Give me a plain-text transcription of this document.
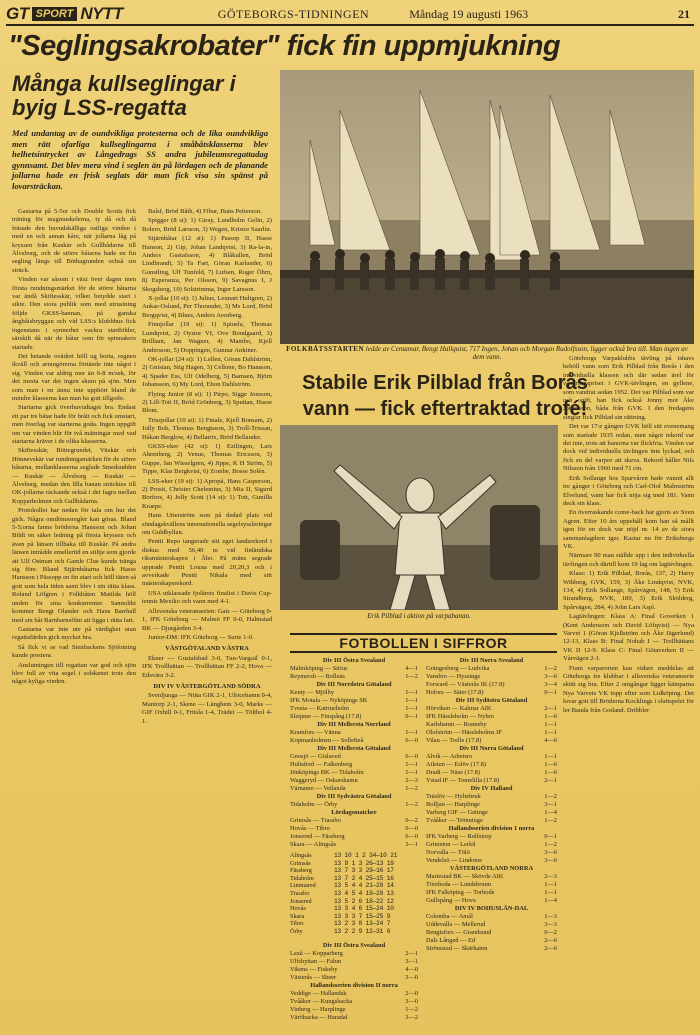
GT SPORT NYTT	GÖTEBORGS-TIDNINGEN	Måndag 19 augusti 1963	21
"Seglingsakrobater" fick fin uppmjukning
Många kullseglingar i byig LSS-regatta
Med undantag av de oundvikliga protesterna och de lika oundvikliga men rätt ofarliga kullseglingarna i småbåtsklasserna blev helhetsintrycket av Långedrags SS andra jubileumsregattadag gynnsamt. Det blev mera vind i seglen än på lördagen och de planande jollarna hade en frisk seglats där man fick visa sin spänst på lovarsträckan.

Gastarna på 5-5or och Double Scotts fick träning för magmuskelerna, ty då och då fräsade den huvudskälliga ostliga vinden i med en och annan kåre, när jollarna låg på kryssen från Kuskär och Gullbådarna till Älvsborg, och de större båtarna hade en fin segling längs till Böthagrunden ochså sin sträck.

Vinden var såsom i växt över dagen men första rundningsmärket för de större båtarna var ändå Skiftesskär, vilket betydde start i sikte. Den stora publik som med utrustning följde GKSS-bannan, på ganska ångbåtsbryggan och vid LSS:s klubbhus fick ingenstans i synnerhet vackra startbilder, särskilt då när de båtar som för spinnakers startade.

Det hetande ovädret höll ug borta, regnen ikväll och arrangörerna förtände inte något i sig. Vinden var aldrig mer än 6-8 m/sek, för det mesta var det ingen skum på sjön. Men som man i en ännu inte upphört bland de mindre klasserna kan man ha gott tillgodo.

Startarna gick överhuvudtaget bra. Endast ett par tre båtar hade för brått och fick omstart, men överlag var starterna goda. Ingen uppgift om var vinden blir för två mätningar med vad startarna kräver i de olika klasserna.

Skiftesskär, Böttegrundet, Vitskär och Hönnevskär var rundningsmärken för de större båtarna, mellanklasserna seglade Smedsudden — Kuskär — Älvsborg — Kuskär — Älvsborg, medan den lilla banan sträcktes till OK-jollarna räckande också i det fagra mellan Kopparholmen och Gullbådarna.

Protokollet har nedan för tala om hur det gick. Några omdömesregler kan göras. Bland 5-5:orna fanns bröderna Hansson och Johan Bildt en säker ledning på första kryssen och även på länsen tillbaka till Kuskär. På andra länsen intrådde emellertid en stiltje som gjorde att Ulf Ostman och Gamle Clue kunde tränga sig före. Bland Stjärnbåtarna fick Hasse Hansson i Pässopp en fin start och höll täten så gott som hela tiden samt blev i sin rätta klass. Roland Löfgren i Folkbåten Matilda höll unden för sina konkurrenter. Sannolikt kommer Bengt Olander och Hans Barrhall med sin båt Barnbarnsfilm att ligga i rätta fart.

Gastarna var inte ute på värdighet utan regattafärden gick mycket bra.

Så fick vi se vad Stenbackens Sjöfotning kunde prestera.

Anslutningen till regattan var god och sjön blev full av vita segel i solskenet trots den något kyliga vinden.

Balsf, Bröd Båth, 4) Fibur, Hans Petterson.

Spigger (8 st): 1) Giray, Lundholm Gelin, 2) Bolero, Bröd Larsson, 3) Wegen, Kristor Saarlin.

Stjärnbåtar (12 st): 1) Passop II, Hasse Hanson, 2) Gip, Johan Landqvist, 3) Ra-la-in, Anders Gustafsson, 4) Blåkullen, Bröd Lindbrandt, 5) Ta Fart, Göran Karlander, 6) Gunstling, Ulf Tunfeld, 7) Lufsen, Roger Öhrn, 8) Esperanza, Per Olsson, 9) Savagnus I, J Skogsberg, 10) Solstrimma, Inger Larsson.

X-jollar (10 st): 1) Julius, Lennart Hultgren, 2) Ankar-Oslund, Per Thorander, 3) Ms Lord, Bröd Bergqvist, 4) Blues, Anders Arenberg.

Finnjollar (19 st): 1) Spiuela, Thomas Lundqvist, 2) Oystor VI, Ove Bondgaard, 3) Brilliant, Jan Wagner, 4) Mambo, Kjell Andersson, 5) Doppingen, Gunnar Ankiner.

OK-jollar (24 st): 1) Lellen, Göran Dahlström, 2) Gnistan, Stig Hagen, 3) Cellone, Bo Hansson, 4) Spader Ess, Ulf Odelberg, 5) Bamsen, Björn Johansson, 6) My Lord, Ebon Dahlström.

Flying Junior (8 st): 1) Pirpo, Sigge Jonsson, 2) Lill-Tott II, Bröd Grönberg, 3) Sputtan, Hasse Blom.

Trissjollar (10 st): 1) Finale, Kjell Bonsam, 2) Jolly Bob, Thomas Bengtsson, 3) Troll-Trissan, Håkan Berglow, 4) Bellatrix, Bröd Bellander.

GKSS-eker (42 st): 1) Ezilingen, Lars Ahrenberg, 2) Venus, Thomas Ericsson, 3) Guppe, Jan Wieselgren, 4) Jippe, K H Ström, 5) Tippe, Klas Bergkvist, 6) Zombe, Bosse Solén.

LSS-eker (19 st): 1) Apropå, Hans Casperson, 2) Prosit, Christer Chelemius, 3) Mia II, Sigurd Borfors, 4) Jolly Scott (14 st): 1) Tott, Gunilla Kraepe.

Hans Utterström som på dedad plats vid söndagskvällens internationella segelsyssleringar om Guldbyllan.

Pentti Repo tangerade sitt eget landsrekord i diskus med 56,40 m vid finländska riksmästerskapen i Åbo. På mäns segrade upprade Pentti Louna med 20,20,3 och i avverkade Pentti Nikula med sitt mästerskapsrekord.

USA utklassade fjolårets finalist i Davis Cup-tennis Mexiko och vann med 4-1.

Allsvenska veteranserien: Gais — Göteborg 0-1, IFK Göteborg — Malmö FF 0-0, Halmstad BK — Djurgården 3-4.

Junior-DM: IFK Göteborg — Surte 1-0.

VÄSTGÖTALAND VÄSTRA

Ekner — Gustafsbad 3-0, Tun-Vargsäl 0-1, IFK Trollhättan — Trollhättan FF 2-2, Hova — Edsvära 3-2.

DIV IV VÄSTERGÖTLAND SÖDRA

Svenljunga — Nitta GIK 2-1, Ulricehamn 0-4, Mantorp 2-1, Skene — Länghem 3-0, Marks — GIF Oxhill 0-1, Fritsla 1-4, Trädet — Tölthol 4-1.

FOLKBÅTSSTARTEN ledde av Centamar, Bengt Hallquist, 717 Ingen, Johan och Morgan Rudolfsson, ligger också bra till. Man ingen av dem vann.
Stabile Erik Pilblad från Borås vann — fick eftertraktad trofé!

Göteborgs Varpaklubbs tävling på ishavs behöll vann som Erik Pilblad från Borås i den individuella klassen och där sedan ärel för vandringspriset i GVK-tävlingen, en gyllene, som vandrat sedan 1952. Det var Pilblad som var och ogift, han fick också Jonny mot Åke Johansson, båda från GVK. I den fredagens singlar fick Pilblad sin rättning.

Det var 17:e gången GVK höll sitt evenemang som startade 1935 redan, men något rekord var det inte, trots att banorna var flickfria. Vinden var dock vid individuella tävlingen inte lyckad, och fick en del varpor att skeva. Rekord håller Nils Nilsson från 1960 med 71 cm.

Erik Sollange hos Sparvåren hade vunnit allt tre gånger i Göteborg och Carl-Olof Malmström Elvelund, vann har fick nöja sig med 181. Vann deck sin klass.

En överraskande come-back har gjorts av Sven Agren. Efter 10 års uppehåll kom han så mållt igen för en dock var nöjd nr. 14 av de stora sammanlagdern iger. Kastar nu för Eriksbergs VK.

Närmare 90 man ställde upp i den individuella tävlingen och därtill kom 19 lag om lagtävlingen.

Klass: 1) Erik Pilblad, Borås, 137, 2) Harry Wihberg, GVK, 159, 3) Åke Lindqvist, NVK, 134, 4) Erik Sollange, Spårvägen, 148, 5) Erik Strandberg, NVK, 189, 3) Erik Skölderg, Spårvägen, 284, 4) John Lars Aspl.

Lagtävlingen: Klass A: Final Goverken 1 (Kent Andersson och David Löfqvist) — Nya Varvet 1 (Göran Kjellström och Åke Jägerlund) 12-13, Klass B: Final Nohab I — Trollhättans VK II 12-9. Klass C: Final Götaverken II — Vårvägen 2-1.

Fram varparorten kan vidare meddelas att Göteborgs tre klubbar i allsvenska veteranserie skött sig bra. Efter 2 omgångar ligger kämparna Nya Varvets VK topp efter som Lidköping. Det lovar gott till Bröderna Kocklings i sluttspelet för ler Bauda från Gotland. Dribbler

Erik Pilblad i aktion på varpabanan.
FOTBOLLEN I SIFFROR
Div III Östra Svealand
Malmköping — Sirius	4—1
Reymersh — Bollnäs	1—2
Div III Norrdstra Götaland
Kenty — Mjölby	1—1
IFK Motala — Nyköpings SK	1—1
Tvesta — Katrineholm	1—1
Sleipner — Finspång (17.8)	0—1
Div III Mellersta Norrland
Kramfors — Vänna	1—1
Kopmanholmen — Sollefteå	6—0
Div III Mellersta Götaland
Gnosjö — Gislaved	6—0
Hultsfred — Falkenberg	1—1
Jönköpings BK — Tidaholm	1—1
Waggeryd — Oskarshamn	2—3
Värnamo — Vetlanda	1—2
Div III Sydvästra Götaland
Tidaholm — Örby	1—2
Lördagsmatcher
Grimsås — Trassbo	0—2
Hovås — Tibro	0—0
Jonsered — Fässberg	6—0
Skara — Alingsås	3—1
Alingsås	13 10 1 2 34—10 21
Grimsås	13 9 1 3 26—13 19
Fässberg	13 7 3 3 29—16 17
Tidaholm	13 7 2 4 25—15 16
Limmared	13 5 4 4 21—20 14
Trassbo	13 4 5 4 19—20 13
Jonsered	13 5 2 6 18—22 12
Hovås	13 3 4 6 15—24 10
Skara	13 3 3 7 15—25 9
Tibro	13 2 3 8 13—24 7
Örby	13 2 2 9 12—31 6
Div III Östra Svealand
Laxå — Kopparberg	2—1
Ulfshyttan — Falun	3—1
Vikens — Fiskeby	4—0
Västerås — Sheer	3—0
Hallandsserien division II norra
Veddige — Hallandsk	2—0
Tvååker — Kungsbacka	3—0
Vinberg — Harplinge	1—2
Väröbacka — Haradal	3—2
Div III Norra Svealand
Grängesberg — Ludvika	1—2
Vansbro — Hyssinge	3—0
Forward — Västerås IK (17.8)	3—4
Hofors — Säter (17.8)	0—1
Div III Sydöstra Götaland
Hörviken — Kalmar AIK	2—1
IFK Hässleholm — Nybro	1—0
Karlshamn — Ronneby	1—1
Olofström — Hässleholms IF	1—1
Vilan — Trelle (17.8)	4—0
Div III Norra Götaland
Alvik — Arbetsro	1—1
Atleten — Eslöv (17.8)	1—0
Dradt — Näse (17.8)	1—0
Ystad IF — Tomelilla (17.8)	2—1
Div IV Halland
Träslöv — Hyltebruk	1—2
Bolljan — Harplinge	3—1
Varberg GIF — Getinge	1—4
Tvååker — Trönninge	1—2
Hallandsserien division 1 norra
IFK Varberg — Rolfstorp	0—1
Grimeton — Lerkil	1—2
Norvalla — Tölö	3—0
Vendelsö — Lindome	3—0
VÄSTERGÖTLAND NORRA
Mariestad BK — Skövde AIK	2—3
Töreboda — Lundsbrunn	1—1
IFK Falköping — Torbode	1—1
Gullspång — Hova	1—4
DIV IV BOHUSLÄN-DAL
Colomba — Amål	1—3
Uddevalla — Mellerud	3—3
Bengtsfors — Grandsund	0—2
Dals Långed — Ed	2—0
Strömstad — Skärhamn	2—0
